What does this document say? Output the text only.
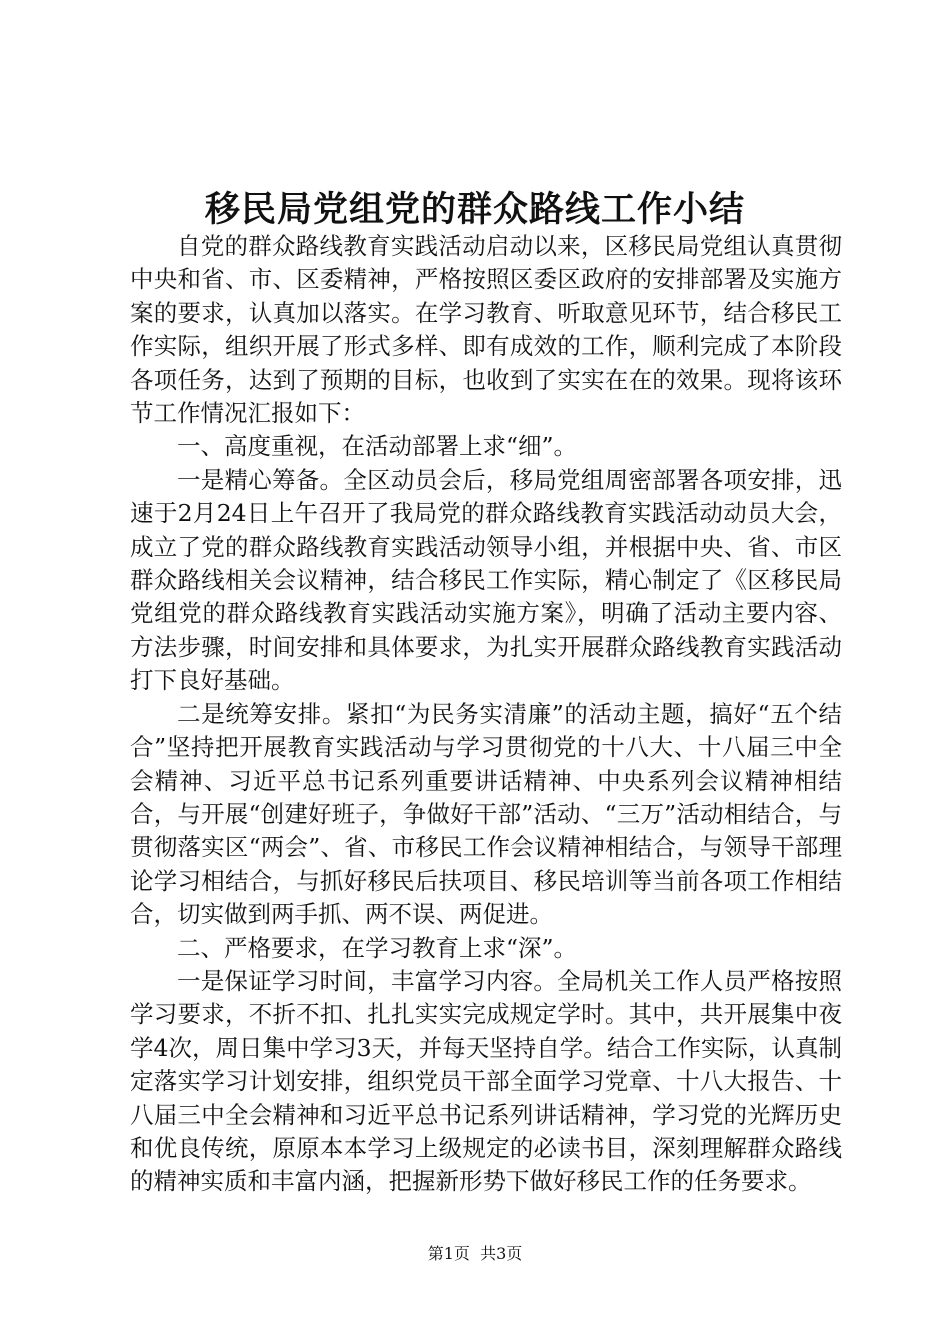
移民局党组党的群众路线工作小结

自党的群众路线教育实践活动启动以来，区移民局党组认真贯彻中央和省、市、区委精神，严格按照区委区政府的安排部署及实施方案的要求，认真加以落实。在学习教育、听取意见环节，结合移民工作实际，组织开展了形式多样、即有成效的工作，顺利完成了本阶段各项任务，达到了预期的目标，也收到了实实在在的效果。现将该环节工作情况汇报如下：

一、高度重视，在活动部署上求“细”。

一是精心筹备。全区动员会后，移局党组周密部署各项安排，迅速于2月24日上午召开了我局党的群众路线教育实践活动动员大会，成立了党的群众路线教育实践活动领导小组，并根据中央、省、市区群众路线相关会议精神，结合移民工作实际，精心制定了《区移民局党组党的群众路线教育实践活动实施方案》，明确了活动主要内容、方法步骤，时间安排和具体要求，为扎实开展群众路线教育实践活动打下良好基础。

二是统筹安排。紧扣“为民务实清廉”的活动主题，搞好“五个结合”坚持把开展教育实践活动与学习贯彻党的十八大、十八届三中全会精神、习近平总书记系列重要讲话精神、中央系列会议精神相结合，与开展“创建好班子，争做好干部”活动、“三万”活动相结合，与贯彻落实区“两会”、省、市移民工作会议精神相结合，与领导干部理论学习相结合，与抓好移民后扶项目、移民培训等当前各项工作相结合，切实做到两手抓、两不误、两促进。

二、严格要求，在学习教育上求“深”。

一是保证学习时间，丰富学习内容。全局机关工作人员严格按照学习要求，不折不扣、扎扎实实完成规定学时。其中，共开展集中夜学4次，周日集中学习3天，并每天坚持自学。结合工作实际，认真制定落实学习计划安排，组织党员干部全面学习党章、十八大报告、十八届三中全会精神和习近平总书记系列讲话精神，学习党的光辉历史和优良传统，原原本本学习上级规定的必读书目，深刻理解群众路线的精神实质和丰富内涵，把握新形势下做好移民工作的任务要求。

第1页  共3页
